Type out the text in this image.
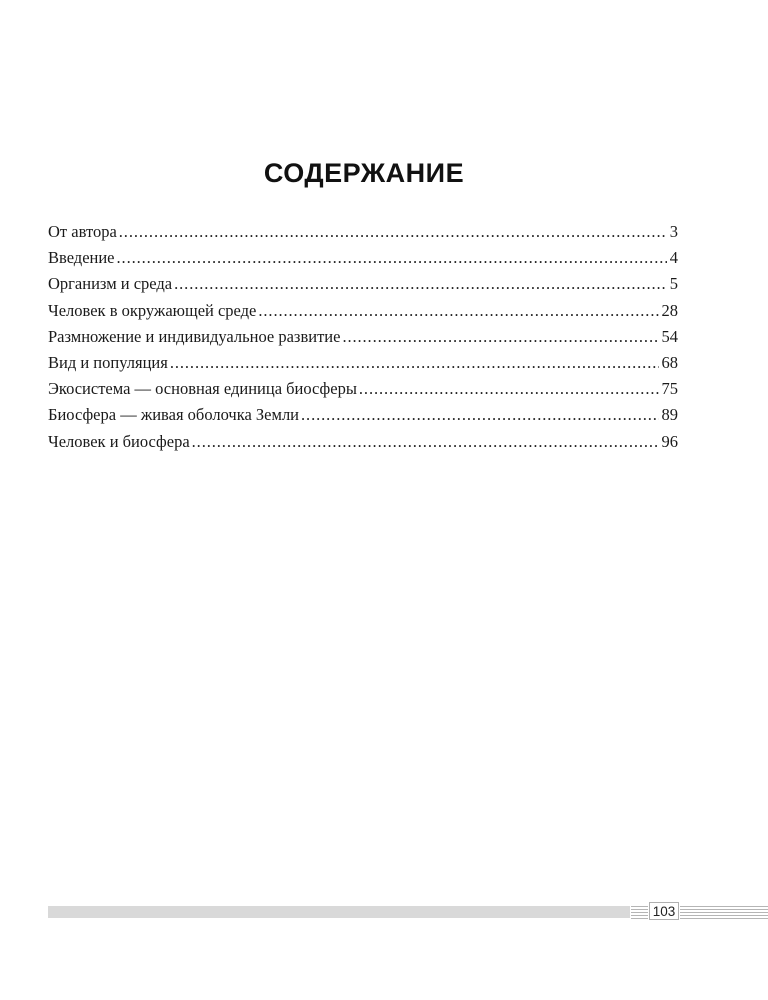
СОДЕРЖАНИЕ
От автора .....	3
Введение .....	4
Организм и среда .....	5
Человек в окружающей среде .....	28
Размножение и индивидуальное развитие .....	54
Вид и популяция .....	68
Экосистема — основная единица биосферы .....	75
Биосфера — живая оболочка Земли .....	89
Человек и биосфера .....	96
103
